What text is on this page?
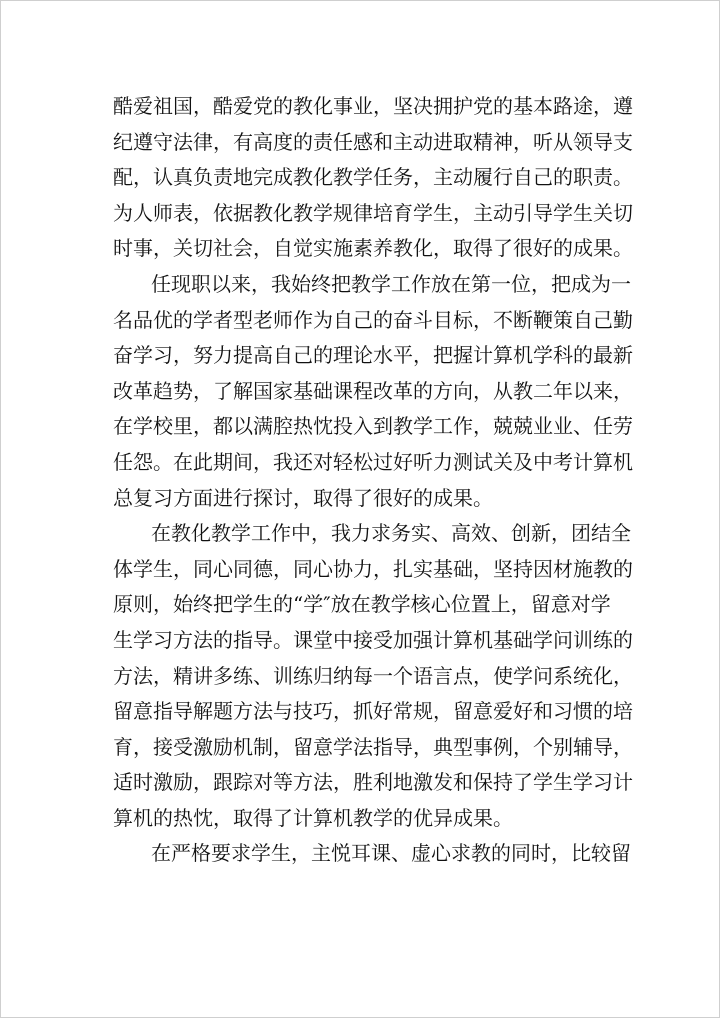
酷爱祖国，酷爱党的教化事业，坚决拥护党的基本路途，遵
纪遵守法律，有高度的责任感和主动进取精神，听从领导支
配，认真负责地完成教化教学任务，主动履行自己的职责。
为人师表，依据教化教学规律培育学生，主动引导学生关切
时事，关切社会，自觉实施素养教化，取得了很好的成果。
任现职以来，我始终把教学工作放在第一位，把成为一
名品优的学者型老师作为自己的奋斗目标，不断鞭策自己勤
奋学习，努力提高自己的理论水平，把握计算机学科的最新
改革趋势，了解国家基础课程改革的方向，从教二年以来，
在学校里，都以满腔热忱投入到教学工作，兢兢业业、任劳
任怨。在此期间，我还对轻松过好听力测试关及中考计算机
总复习方面进行探讨，取得了很好的成果。
在教化教学工作中，我力求务实、高效、创新，团结全
体学生，同心同德，同心协力，扎实基础，坚持因材施教的
原则，始终把学生的“学″放在教学核心位置上，留意对学
生学习方法的指导。课堂中接受加强计算机基础学问训练的
方法，精讲多练、训练归纳每一个语言点，使学问系统化，
留意指导解题方法与技巧，抓好常规，留意爱好和习惯的培
育，接受激励机制，留意学法指导，典型事例，个别辅导，
适时激励，跟踪对等方法，胜利地激发和保持了学生学习计
算机的热忱，取得了计算机教学的优异成果。
在严格要求学生，主悦耳课、虚心求教的同时，比较留
